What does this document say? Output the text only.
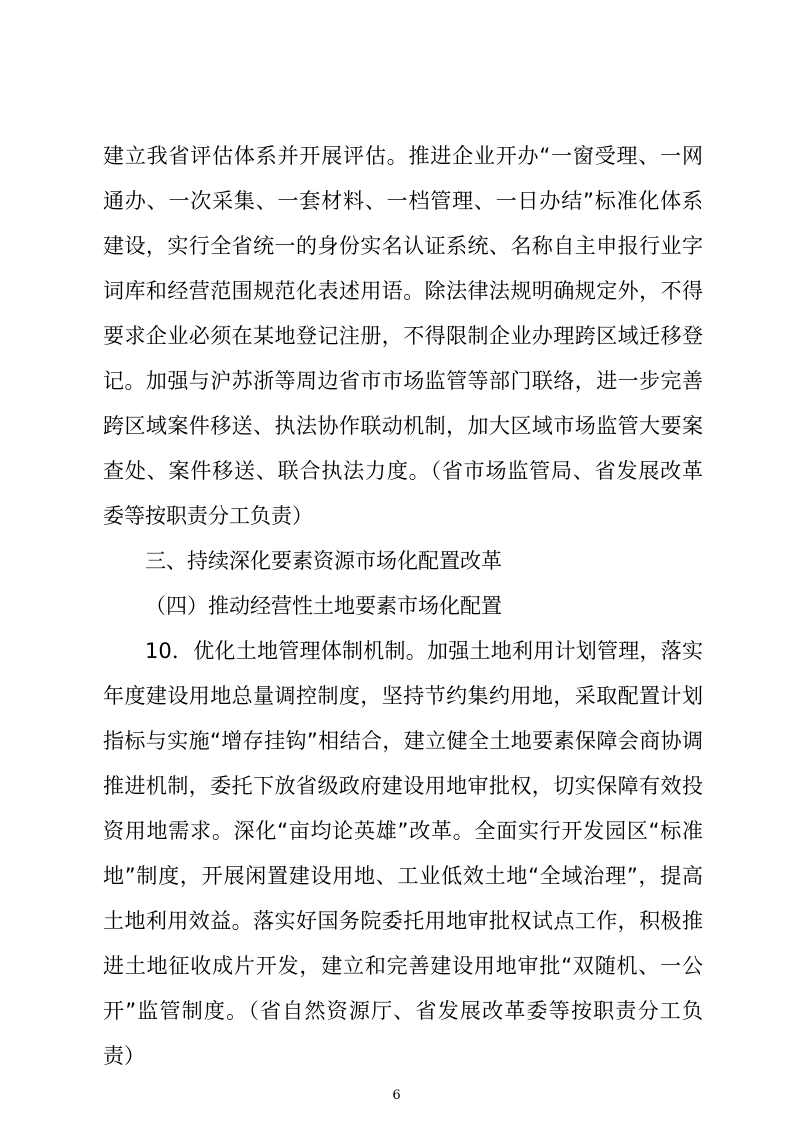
建立我省评估体系并开展评估。推进企业开办“一窗受理、一网
通办、一次采集、一套材料、一档管理、一日办结”标准化体系
建设，实行全省统一的身份实名认证系统、名称自主申报行业字
词库和经营范围规范化表述用语。除法律法规明确规定外，不得
要求企业必须在某地登记注册，不得限制企业办理跨区域迁移登
记。加强与沪苏浙等周边省市市场监管等部门联络，进一步完善
跨区域案件移送、执法协作联动机制，加大区域市场监管大要案
查处、案件移送、联合执法力度。（省市场监管局、省发展改革
委等按职责分工负责）
三、持续深化要素资源市场化配置改革
（四）推动经营性土地要素市场化配置
10．优化土地管理体制机制。加强土地利用计划管理，落实
年度建设用地总量调控制度，坚持节约集约用地，采取配置计划
指标与实施“增存挂钩”相结合，建立健全土地要素保障会商协调
推进机制，委托下放省级政府建设用地审批权，切实保障有效投
资用地需求。深化“亩均论英雄”改革。全面实行开发园区“标准
地”制度，开展闲置建设用地、工业低效土地“全域治理”，提高
土地利用效益。落实好国务院委托用地审批权试点工作，积极推
进土地征收成片开发，建立和完善建设用地审批“双随机、一公
开”监管制度。（省自然资源厅、省发展改革委等按职责分工负
责）
6
